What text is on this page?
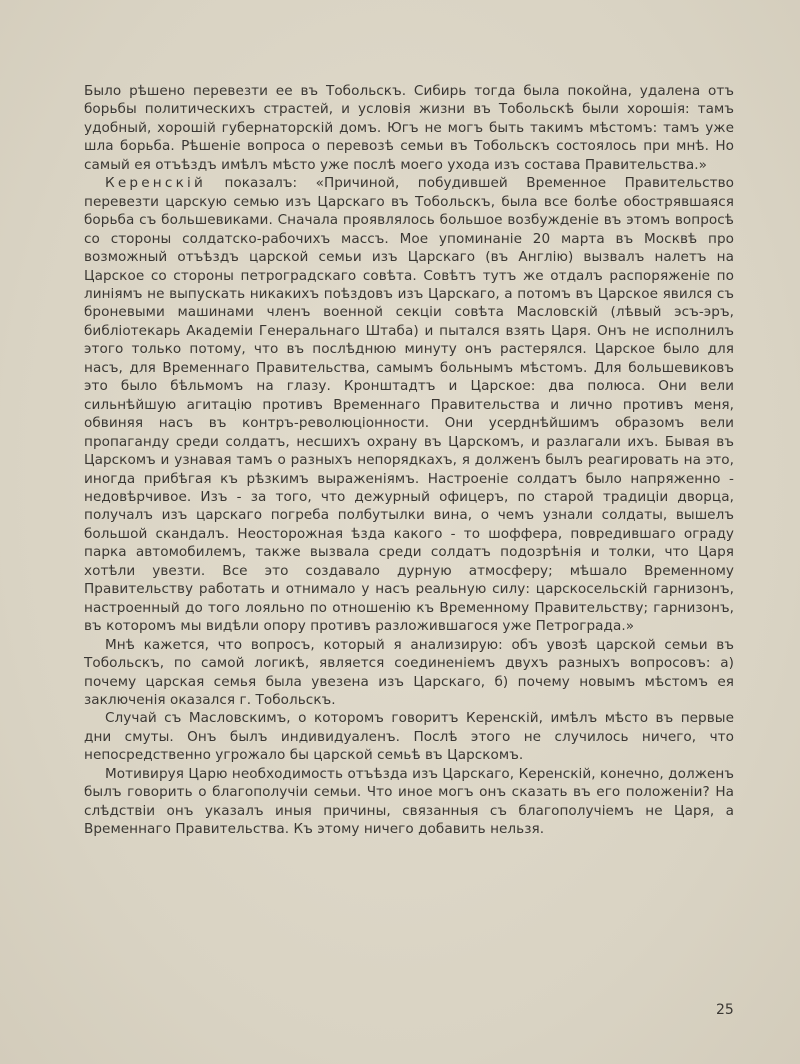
Было рѣшено перевезти ее въ Тобольскъ. Сибирь тогда была покойна, удалена отъ борьбы политическихъ страстей, и условія жизни въ Тобольскѣ были хорошія: тамъ удобный, хорошій губернаторскій домъ. Югъ не могъ быть такимъ мѣстомъ: тамъ уже шла борьба. Рѣшеніе вопроса о перевозѣ семьи въ Тобольскъ состоялось при мнѣ. Но самый ея отъѣздъ имѣлъ мѣсто уже послѣ моего ухода изъ состава Правительства.»

Керенскій показалъ: «Причиной, побудившей Временное Правительство перевезти царскую семью изъ Царскаго въ Тобольскъ, была все болѣе обострявшаяся борьба съ большевиками. Сначала проявлялось большое возбужденіе въ этомъ вопросѣ со стороны солдатско-рабочихъ массъ. Мое упоминаніе 20 марта въ Москвѣ про возможный отъѣздъ царской семьи изъ Царскаго (въ Англію) вызвалъ налетъ на Царское со стороны петроградскаго совѣта. Совѣтъ тутъ же отдалъ распоряженіе по линіямъ не выпускать никакихъ поѣздовъ изъ Царскаго, а потомъ въ Царское явился съ броневыми машинами членъ военной секціи совѣта Масловскій (лѣвый эсъ-эръ, библіотекарь Академіи Генеральнаго Штаба) и пытался взять Царя. Онъ не исполнилъ этого только потому, что въ послѣднюю минуту онъ растерялся. Царское было для насъ, для Временнаго Правительства, самымъ больнымъ мѣстомъ. Для большевиковъ это было бѣльмомъ на глазу. Кронштадтъ и Царское: два полюса. Они вели сильнѣйшую агитацію противъ Временнаго Правительства и лично противъ меня, обвиняя насъ въ контръ-революціонности. Они усерднѣйшимъ образомъ вели пропаганду среди солдатъ, несшихъ охрану въ Царскомъ, и разлагали ихъ. Бывая въ Царскомъ и узнавая тамъ о разныхъ непорядкахъ, я долженъ былъ реагировать на это, иногда прибѣгая къ рѣзкимъ выраженіямъ. Настроеніе солдатъ было напряженно - недовѣрчивое. Изъ - за того, что дежурный офицеръ, по старой традиціи дворца, получалъ изъ царскаго погреба полбутылки вина, о чемъ узнали солдаты, вышелъ большой скандалъ. Неосторожная ѣзда какого - то шоффера, повредившаго ограду парка автомобилемъ, также вызвала среди солдатъ подозрѣнія и толки, что Царя хотѣли увезти. Все это создавало дурную атмосферу; мѣшало Временному Правительству работать и отнимало у насъ реальную силу: царскосельскій гарнизонъ, настроенный до того лояльно по отношенію къ Временному Правительству; гарнизонъ, въ которомъ мы видѣли опору противъ разложившагося уже Петрограда.»

Мнѣ кажется, что вопросъ, который я анализирую: объ увозѣ царской семьи въ Тобольскъ, по самой логикѣ, является соединеніемъ двухъ разныхъ вопросовъ: а) почему царская семья была увезена изъ Царскаго, б) почему новымъ мѣстомъ ея заключенія оказался г. Тобольскъ.

Случай съ Масловскимъ, о которомъ говоритъ Керенскій, имѣлъ мѣсто въ первые дни смуты. Онъ былъ индивидуаленъ. Послѣ этого не случилось ничего, что непосредственно угрожало бы царской семьѣ въ Царскомъ.

Мотивируя Царю необходимость отъѣзда изъ Царскаго, Керенскій, конечно, долженъ былъ говорить о благополучіи семьи. Что иное могъ онъ сказать въ его положеніи? На слѣдствіи онъ указалъ иныя причины, связанныя съ благополучіемъ не Царя, а Временнаго Правительства. Къ этому ничего добавить нельзя.

25
